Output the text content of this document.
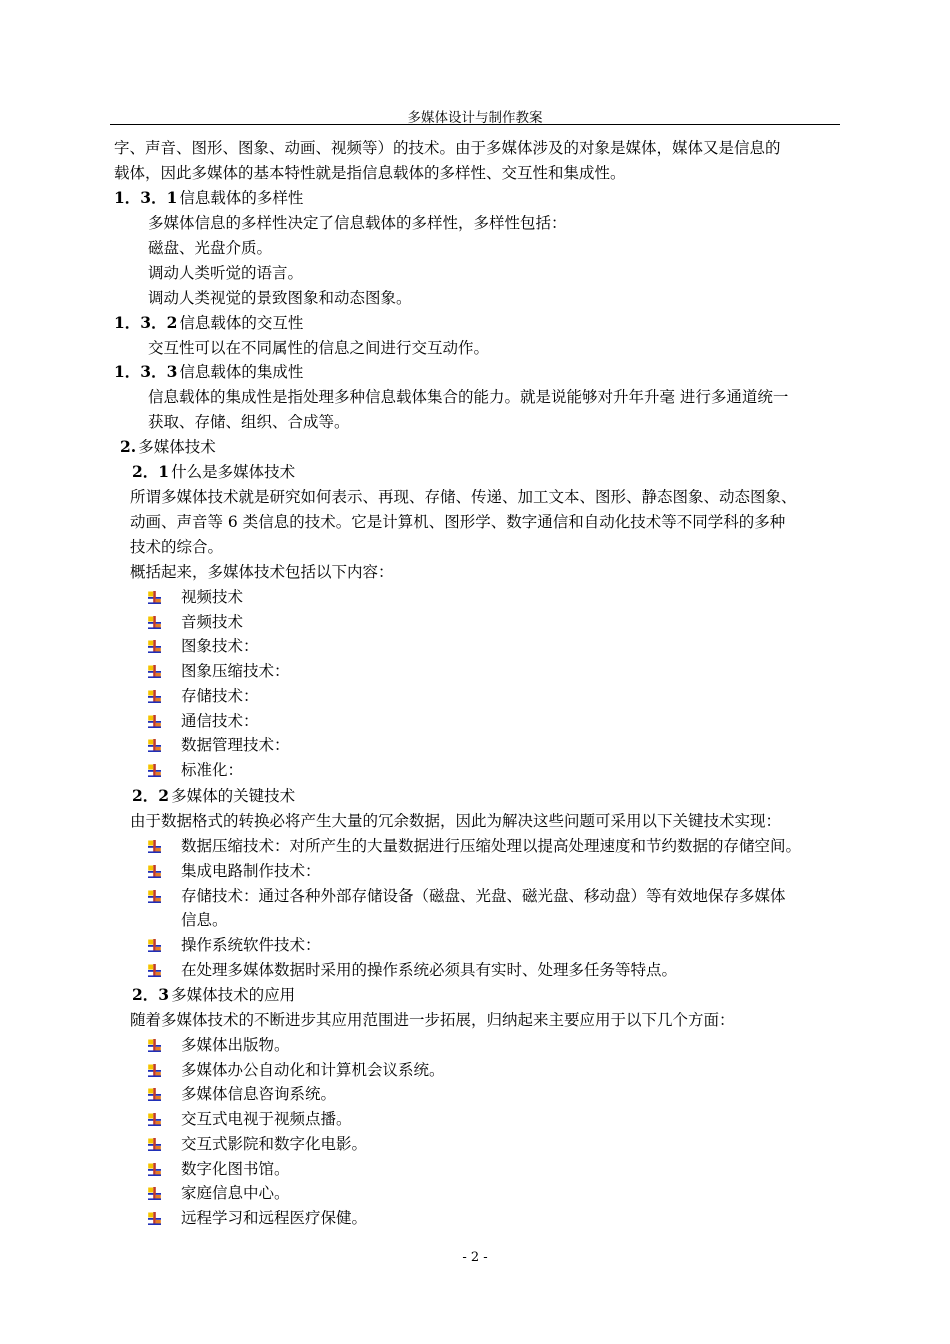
多媒体设计与制作教案
字、声音、图形、图象、动画、视频等）的技术。由于多媒体涉及的对象是媒体，媒体又是信息的
载体，因此多媒体的基本特性就是指信息载体的多样性、交互性和集成性。
1．3．1 信息载体的多样性
多媒体信息的多样性决定了信息载体的多样性，多样性包括：
磁盘、光盘介质。
调动人类听觉的语言。
调动人类视觉的景致图象和动态图象。
1．3．2 信息载体的交互性
交互性可以在不同属性的信息之间进行交互动作。
1．3．3 信息载体的集成性
信息载体的集成性是指处理多种信息载体集合的能力。就是说能够对升年升毫 进行多通道统一
获取、存储、组织、合成等。
2. 多媒体技术
2．1 什么是多媒体技术
所谓多媒体技术就是研究如何表示、再现、存储、传递、加工文本、图形、静态图象、动态图象、
动画、声音等 6 类信息的技术。它是计算机、图形学、数字通信和自动化技术等不同学科的多种
技术的综合。
概括起来，多媒体技术包括以下内容：
视频技术
音频技术
图象技术：
图象压缩技术：
存储技术：
通信技术：
数据管理技术：
标准化：
2．2 多媒体的关键技术
由于数据格式的转换必将产生大量的冗余数据，因此为解决这些问题可采用以下关键技术实现：
数据压缩技术：对所产生的大量数据进行压缩处理以提高处理速度和节约数据的存储空间。
集成电路制作技术：
存储技术：通过各种外部存储设备（磁盘、光盘、磁光盘、移动盘）等有效地保存多媒体
信息。
操作系统软件技术：
在处理多媒体数据时采用的操作系统必须具有实时、处理多任务等特点。
2．3 多媒体技术的应用
随着多媒体技术的不断进步其应用范围进一步拓展，归纳起来主要应用于以下几个方面：
多媒体出版物。
多媒体办公自动化和计算机会议系统。
多媒体信息咨询系统。
交互式电视于视频点播。
交互式影院和数字化电影。
数字化图书馆。
家庭信息中心。
远程学习和远程医疗保健。
- 2 -
